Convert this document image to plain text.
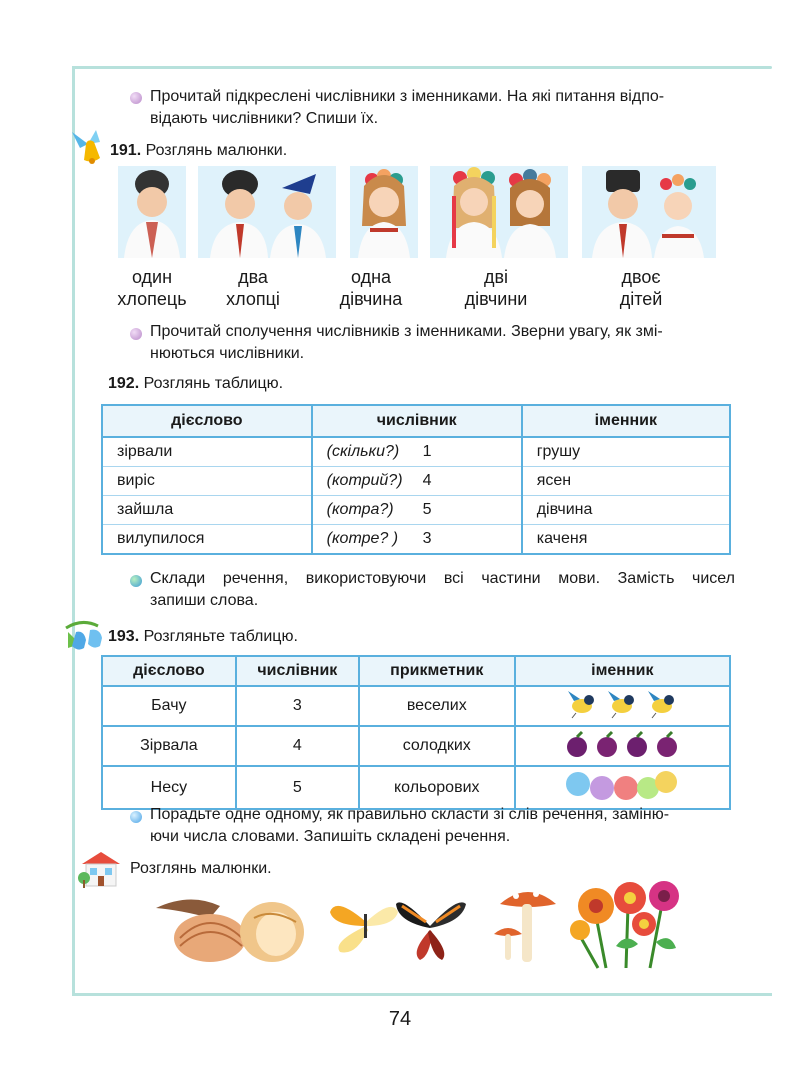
Прочитай підкреслені числівники з іменниками. На які питання відпо-
відають числівники? Спиши їх.
191. Розглянь малюнки.
один
хлопець
два
хлопці
одна
дівчина
дві
дівчини
двоє
дітей
Прочитай сполучення числівників з іменниками. Зверни увагу, як змі-
нюються числівники.
192. Розглянь таблицю.
дієслово	числівник	іменник
зірвали	(скільки?) 1	грушу
виріс	(котрий?) 4	ясен
зайшла	(котра?) 5	дівчина
вилупилося	(котре? ) 3	каченя
Склади речення, використовуючи всі частини мови. Замість чисел
запиши слова.
193. Розгляньте таблицю.
дієслово	числівник	прикметник	іменник
Бачу	3	веселих	
Зірвала	4	солодких	
Несу	5	кольорових	
Порадьте одне одному, як правильно скласти зі слів речення, заміню-
ючи числа словами. Запишіть складені речення.
Розглянь малюнки.
74
